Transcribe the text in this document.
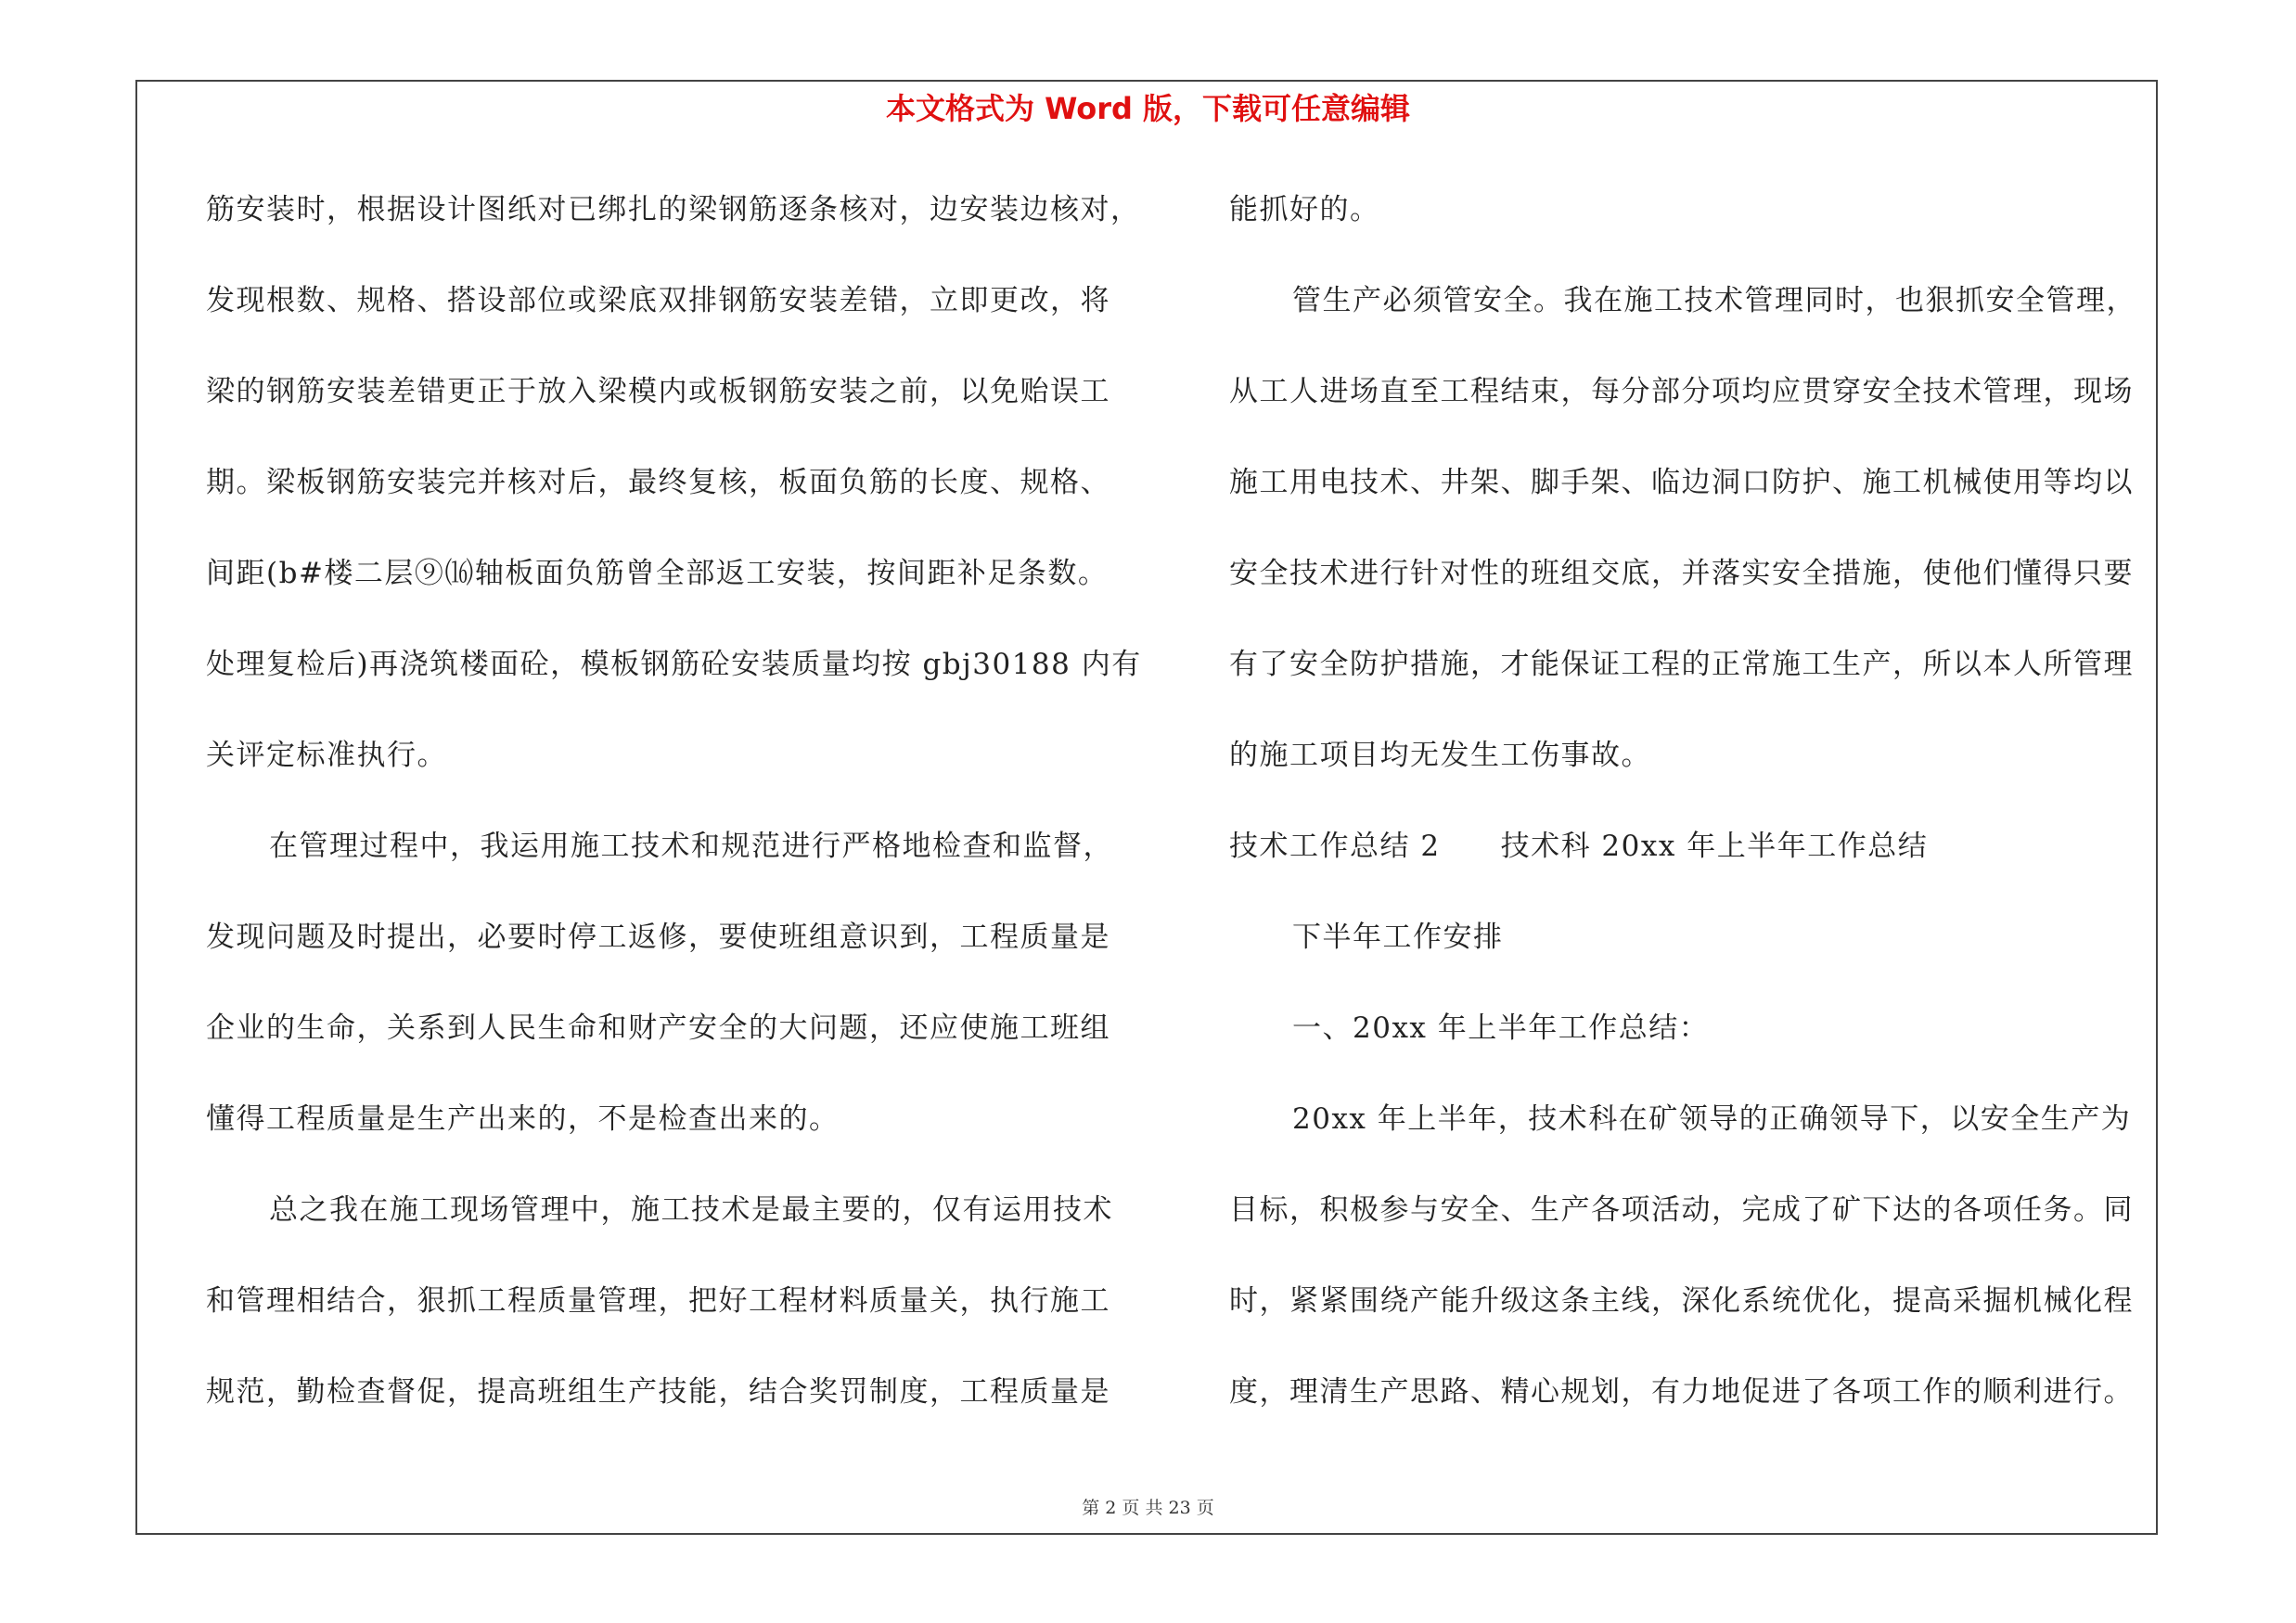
本文格式为 Word 版，下载可任意编辑
筋安装时，根据设计图纸对已绑扎的梁钢筋逐条核对，边安装边核对，
发现根数、规格、搭设部位或梁底双排钢筋安装差错，立即更改，将
梁的钢筋安装差错更正于放入梁模内或板钢筋安装之前，以免贻误工
期。梁板钢筋安装完并核对后，最终复核，板面负筋的长度、规格、
间距(b#楼二层⑨⒃轴板面负筋曾全部返工安装，按间距补足条数。
处理复检后)再浇筑楼面砼，模板钢筋砼安装质量均按 gbj30188 内有
关评定标准执行。
在管理过程中，我运用施工技术和规范进行严格地检查和监督，
发现问题及时提出，必要时停工返修，要使班组意识到，工程质量是
企业的生命，关系到人民生命和财产安全的大问题，还应使施工班组
懂得工程质量是生产出来的，不是检查出来的。
总之我在施工现场管理中，施工技术是最主要的，仅有运用技术
和管理相结合，狠抓工程质量管理，把好工程材料质量关，执行施工
规范，勤检查督促，提高班组生产技能，结合奖罚制度，工程质量是
能抓好的。
管生产必须管安全。我在施工技术管理同时，也狠抓安全管理，
从工人进场直至工程结束，每分部分项均应贯穿安全技术管理，现场
施工用电技术、井架、脚手架、临边洞口防护、施工机械使用等均以
安全技术进行针对性的班组交底，并落实安全措施，使他们懂得只要
有了安全防护措施，才能保证工程的正常施工生产，所以本人所管理
的施工项目均无发生工伤事故。
技术工作总结 2　　技术科 20xx 年上半年工作总结
下半年工作安排
一、20xx 年上半年工作总结：
20xx 年上半年，技术科在矿领导的正确领导下，以安全生产为
目标，积极参与安全、生产各项活动，完成了矿下达的各项任务。同
时，紧紧围绕产能升级这条主线，深化系统优化，提高采掘机械化程
度，理清生产思路、精心规划，有力地促进了各项工作的顺利进行。
第 2 页 共 23 页
